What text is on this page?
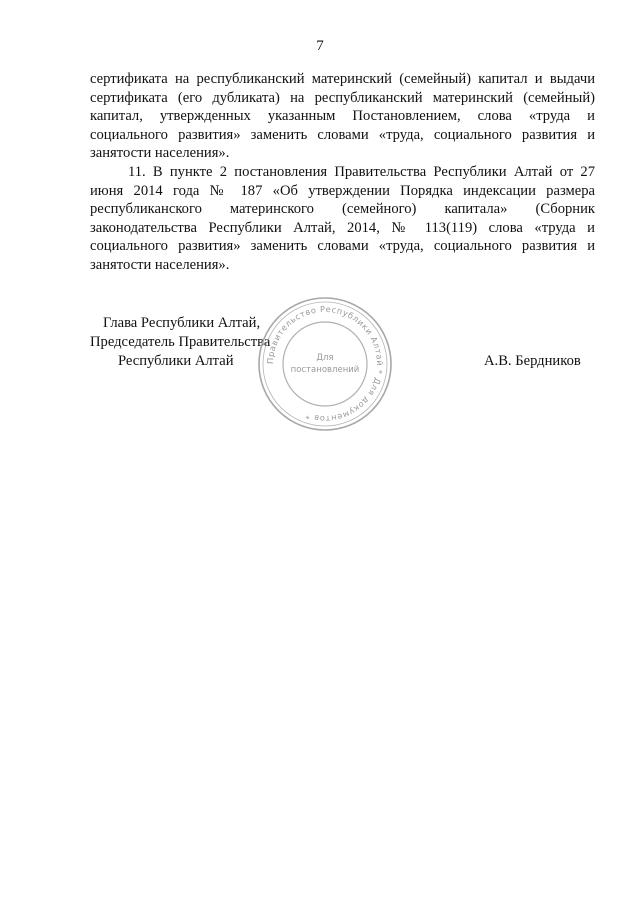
7

сертификата на республиканский материнский (семейный) капитал и выдачи сертификата (его дубликата) на республиканский материнский (семейный) капитал, утвержденных указанным Постановлением, слова «труда и социального развития» заменить словами «труда, социального развития и занятости населения».

11. В пункте 2 постановления Правительства Республики Алтай от 27 июня 2014 года № 187 «Об утверждении Порядка индексации размера республиканского материнского (семейного) капитала» (Сборник законодательства Республики Алтай, 2014, № 113(119) слова «труда и социального развития» заменить словами «труда, социального развития и занятости населения».

Глава Республики Алтай,
Председатель Правительства
Республики Алтай	А.В. Бердников
Правительство Республики Алтай * Для документов *
Для
постановлений
